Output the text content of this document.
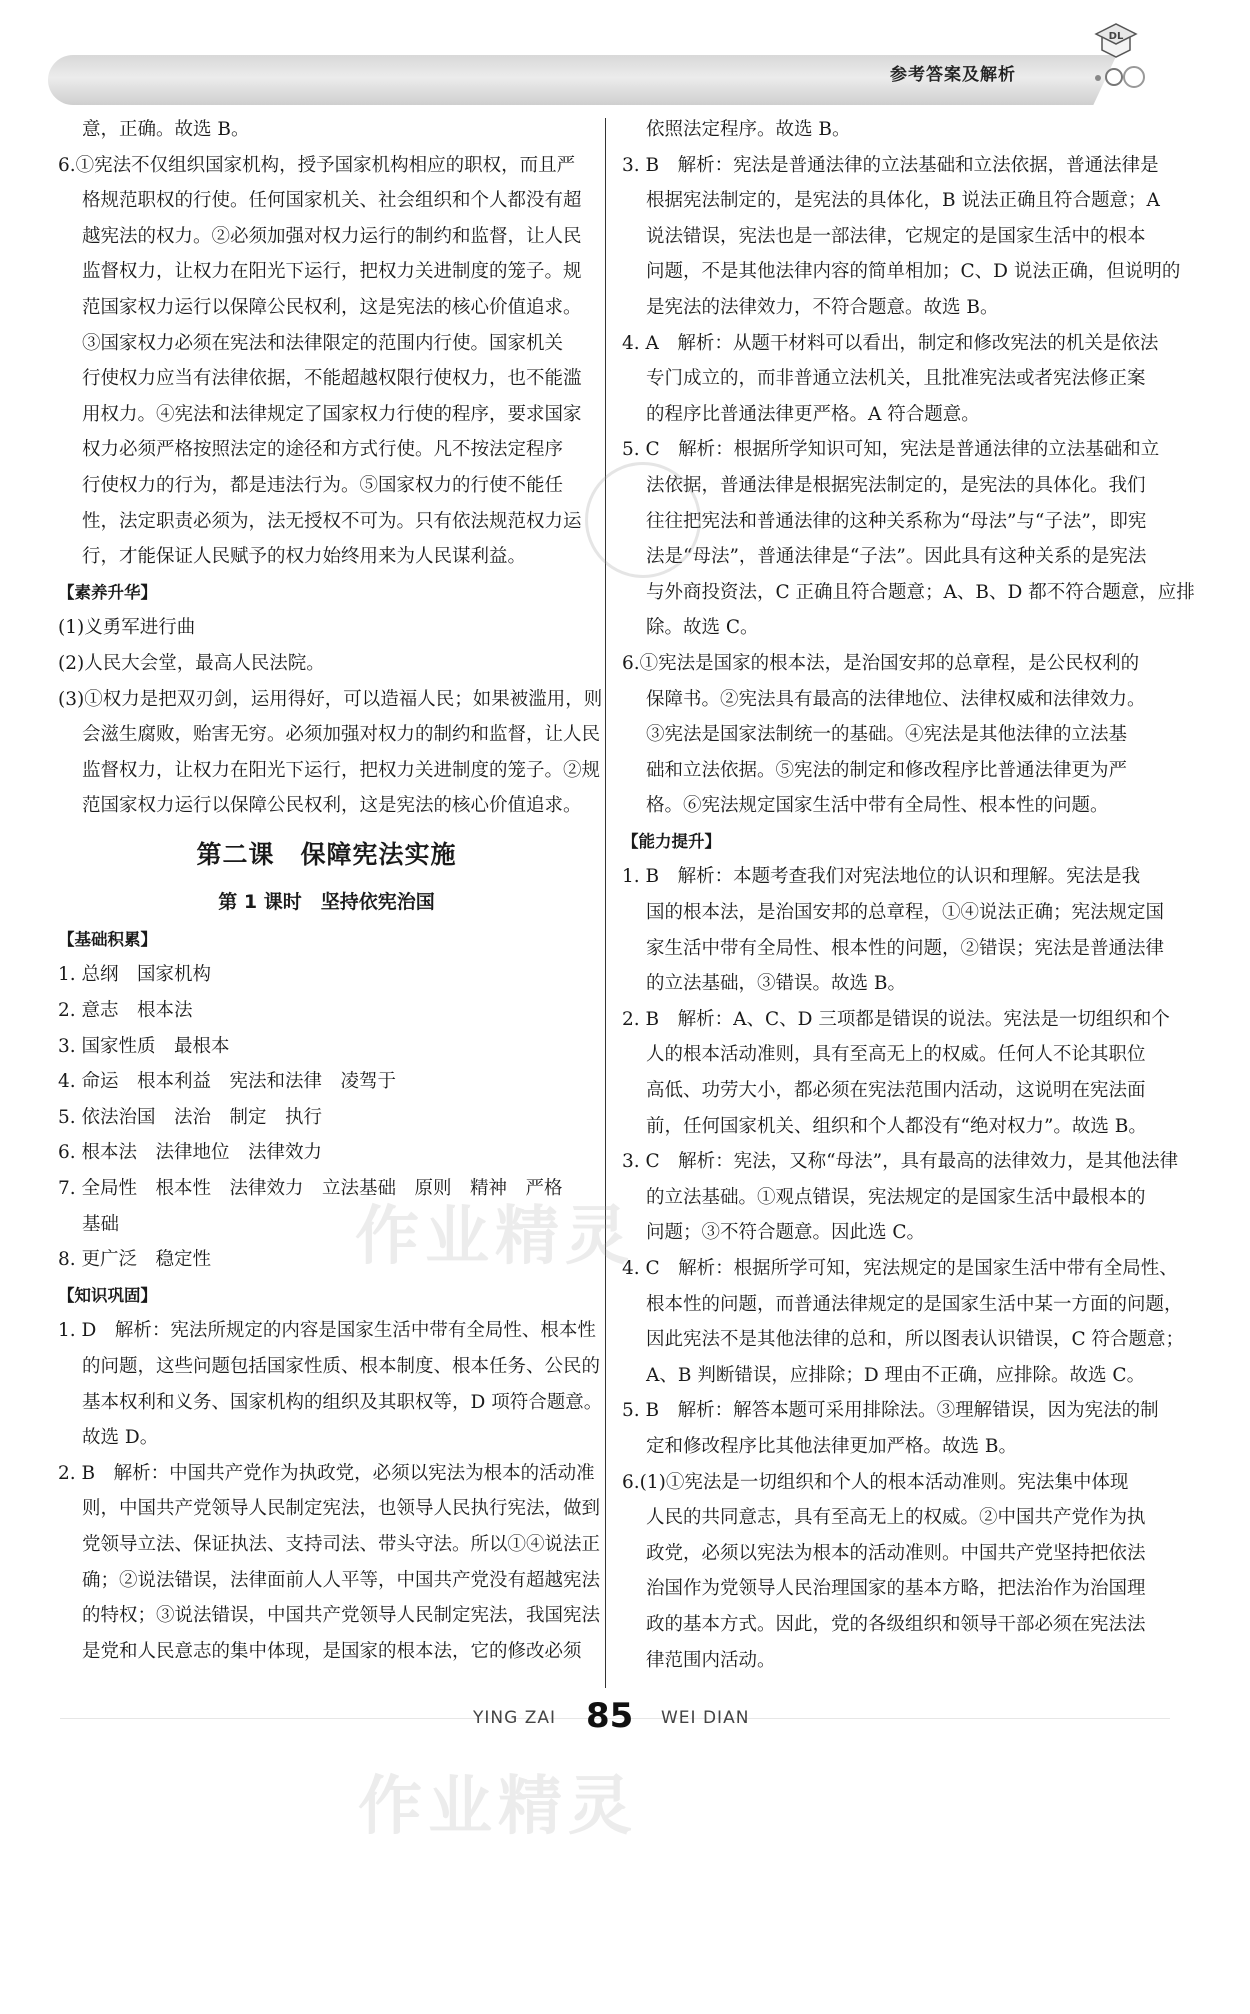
参考答案及解析
DL
意，正确。故选 B。
6.①宪法不仅组织国家机构，授予国家机构相应的职权，而且严
格规范职权的行使。任何国家机关、社会组织和个人都没有超
越宪法的权力。②必须加强对权力运行的制约和监督，让人民
监督权力，让权力在阳光下运行，把权力关进制度的笼子。规
范国家权力运行以保障公民权利，这是宪法的核心价值追求。
③国家权力必须在宪法和法律限定的范围内行使。国家机关
行使权力应当有法律依据，不能超越权限行使权力，也不能滥
用权力。④宪法和法律规定了国家权力行使的程序，要求国家
权力必须严格按照法定的途径和方式行使。凡不按法定程序
行使权力的行为，都是违法行为。⑤国家权力的行使不能任
性，法定职责必须为，法无授权不可为。只有依法规范权力运
行，才能保证人民赋予的权力始终用来为人民谋利益。
【素养升华】
(1)义勇军进行曲
(2)人民大会堂，最高人民法院。
(3)①权力是把双刃剑，运用得好，可以造福人民；如果被滥用，则
会滋生腐败，贻害无穷。必须加强对权力的制约和监督，让人民
监督权力，让权力在阳光下运行，把权力关进制度的笼子。②规
范国家权力运行以保障公民权利，这是宪法的核心价值追求。
第二课　保障宪法实施
第 1 课时　坚持依宪治国
【基础积累】
1. 总纲　国家机构
2. 意志　根本法
3. 国家性质　最根本
4. 命运　根本利益　宪法和法律　凌驾于
5. 依法治国　法治　制定　执行
6. 根本法　法律地位　法律效力
7. 全局性　根本性　法律效力　立法基础　原则　精神　严格
基础
8. 更广泛　稳定性
【知识巩固】
1. D　解析：宪法所规定的内容是国家生活中带有全局性、根本性
的问题，这些问题包括国家性质、根本制度、根本任务、公民的
基本权利和义务、国家机构的组织及其职权等，D 项符合题意。
故选 D。
2. B　解析：中国共产党作为执政党，必须以宪法为根本的活动准
则，中国共产党领导人民制定宪法，也领导人民执行宪法，做到
党领导立法、保证执法、支持司法、带头守法。所以①④说法正
确；②说法错误，法律面前人人平等，中国共产党没有超越宪法
的特权；③说法错误，中国共产党领导人民制定宪法，我国宪法
是党和人民意志的集中体现，是国家的根本法，它的修改必须
依照法定程序。故选 B。
3. B　解析：宪法是普通法律的立法基础和立法依据，普通法律是
根据宪法制定的，是宪法的具体化，B 说法正确且符合题意；A
说法错误，宪法也是一部法律，它规定的是国家生活中的根本
问题，不是其他法律内容的简单相加；C、D 说法正确，但说明的
是宪法的法律效力，不符合题意。故选 B。
4. A　解析：从题干材料可以看出，制定和修改宪法的机关是依法
专门成立的，而非普通立法机关，且批准宪法或者宪法修正案
的程序比普通法律更严格。A 符合题意。
5. C　解析：根据所学知识可知，宪法是普通法律的立法基础和立
法依据，普通法律是根据宪法制定的，是宪法的具体化。我们
往往把宪法和普通法律的这种关系称为“母法”与“子法”，即宪
法是“母法”，普通法律是“子法”。因此具有这种关系的是宪法
与外商投资法，C 正确且符合题意；A、B、D 都不符合题意，应排
除。故选 C。
6.①宪法是国家的根本法，是治国安邦的总章程，是公民权利的
保障书。②宪法具有最高的法律地位、法律权威和法律效力。
③宪法是国家法制统一的基础。④宪法是其他法律的立法基
础和立法依据。⑤宪法的制定和修改程序比普通法律更为严
格。⑥宪法规定国家生活中带有全局性、根本性的问题。
【能力提升】
1. B　解析：本题考查我们对宪法地位的认识和理解。宪法是我
国的根本法，是治国安邦的总章程，①④说法正确；宪法规定国
家生活中带有全局性、根本性的问题，②错误；宪法是普通法律
的立法基础，③错误。故选 B。
2. B　解析：A、C、D 三项都是错误的说法。宪法是一切组织和个
人的根本活动准则，具有至高无上的权威。任何人不论其职位
高低、功劳大小，都必须在宪法范围内活动，这说明在宪法面
前，任何国家机关、组织和个人都没有“绝对权力”。故选 B。
3. C　解析：宪法，又称“母法”，具有最高的法律效力，是其他法律
的立法基础。①观点错误，宪法规定的是国家生活中最根本的
问题；③不符合题意。因此选 C。
4. C　解析：根据所学可知，宪法规定的是国家生活中带有全局性、
根本性的问题，而普通法律规定的是国家生活中某一方面的问题，
因此宪法不是其他法律的总和，所以图表认识错误，C 符合题意；
A、B 判断错误，应排除；D 理由不正确，应排除。故选 C。
5. B　解析：解答本题可采用排除法。③理解错误，因为宪法的制
定和修改程序比其他法律更加严格。故选 B。
6.(1)①宪法是一切组织和个人的根本活动准则。宪法集中体现
人民的共同意志，具有至高无上的权威。②中国共产党作为执
政党，必须以宪法为根本的活动准则。中国共产党坚持把依法
治国作为党领导人民治理国家的基本方略，把法治作为治国理
政的基本方式。因此，党的各级组织和领导干部必须在宪法法
律范围内活动。
作业精灵
作业精灵
YING ZAI 85 WEI DIAN
